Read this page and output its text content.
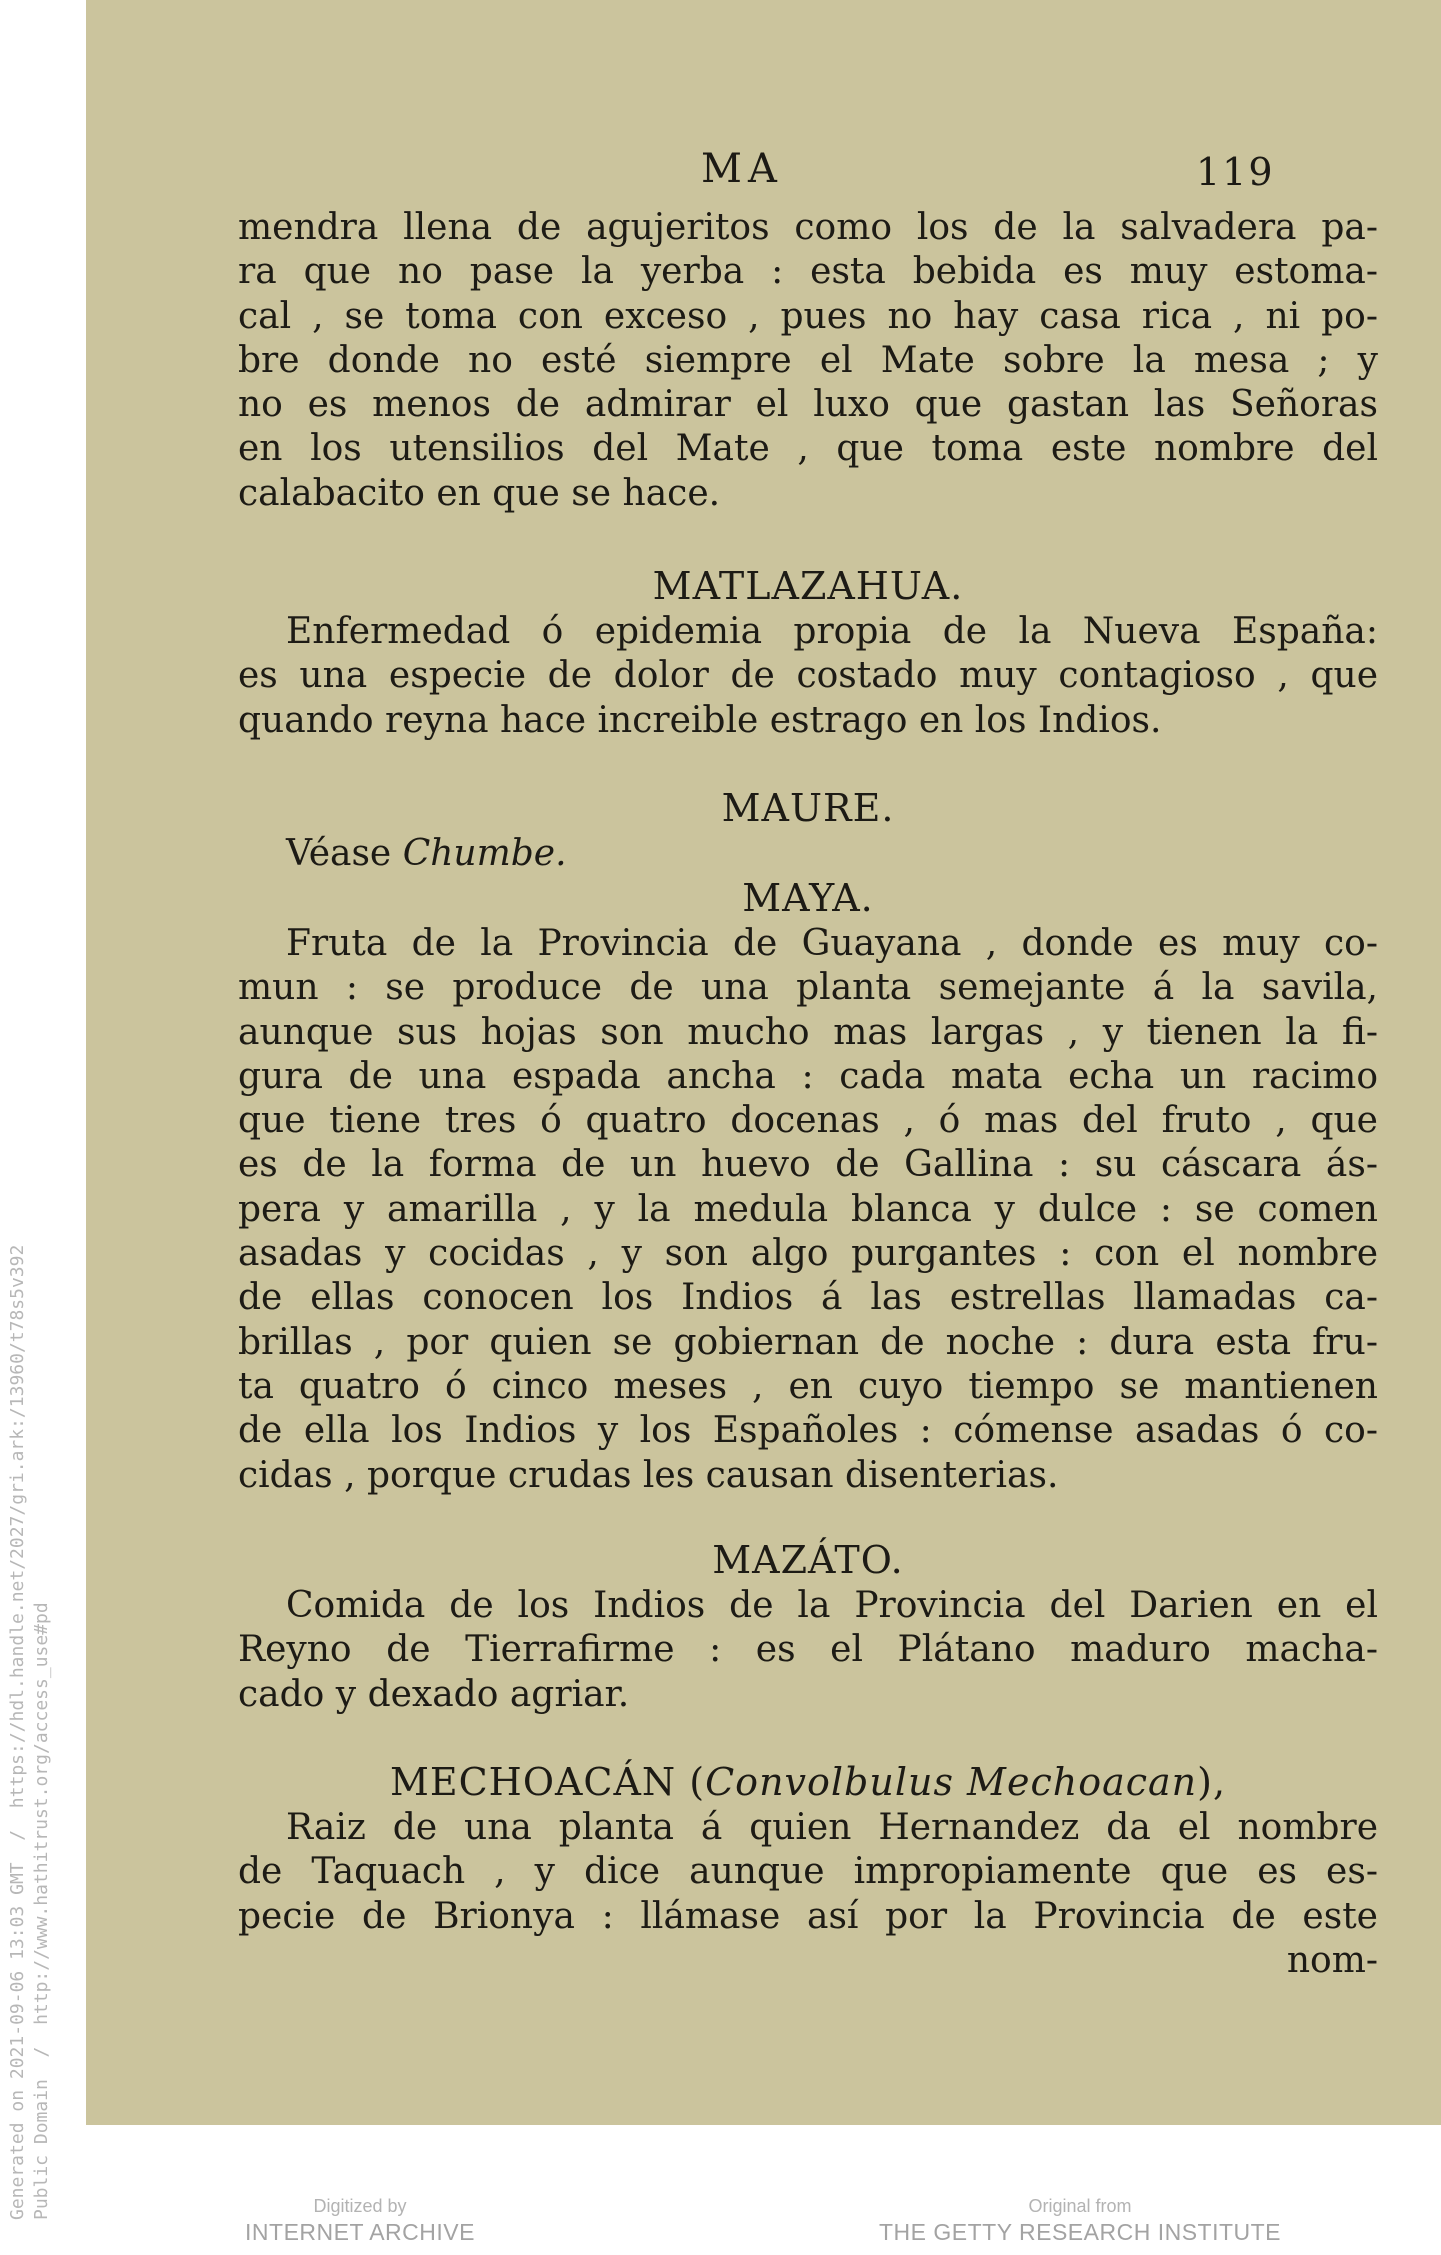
Generated on 2021-09-06 13:03 GMT  /  https://hdl.handle.net/2027/gri.ark:/13960/t78s5v392 Public Domain  /  http://www.hathitrust.org/access_use#pd
MA	119

mendra llena de agujeritos como los de la salvadera pa-

ra que no pase la yerba : esta bebida es muy estoma-

cal , se toma con exceso , pues no hay casa rica , ni po-

bre donde no esté siempre el Mate sobre la mesa ; y

no es menos de admirar el luxo que gastan las Señoras

en los utensilios del Mate , que toma este nombre del

calabacito en que se hace.

MATLAZAHUA.

Enfermedad ó epidemia propia de la Nueva España:

es una especie de dolor de costado muy contagioso , que

quando reyna hace increible estrago en los Indios.

MAURE.

Véase Chumbe.

MAYA.

Fruta de la Provincia de Guayana , donde es muy co-

mun : se produce de una planta semejante á la savila,

aunque sus hojas son mucho mas largas , y tienen la fi-

gura de una espada ancha : cada mata echa un racimo

que tiene tres ó quatro docenas , ó mas del fruto , que

es de la forma de un huevo de Gallina : su cáscara ás-

pera y amarilla , y la medula blanca y dulce : se comen

asadas y cocidas , y son algo purgantes : con el nombre

de ellas conocen los Indios á las estrellas llamadas ca-

brillas , por quien se gobiernan de noche : dura esta fru-

ta quatro ó cinco meses , en cuyo tiempo se mantienen

de ella los Indios y los Españoles : cómense asadas ó co-

cidas , porque crudas les causan disenterias.

MAZÁTO.

Comida de los Indios de la Provincia del Darien en el

Reyno de Tierrafirme : es el Plátano maduro macha-

cado y dexado agriar.

MECHOACÁN (Convolbulus Mechoacan),

Raiz de una planta á quien Hernandez da el nombre

de Taquach , y dice aunque impropiamente que es es-

pecie de Brionya : llámase así por la Provincia de este

nom-

Digitized by
INTERNET ARCHIVE
Original from
THE GETTY RESEARCH INSTITUTE
